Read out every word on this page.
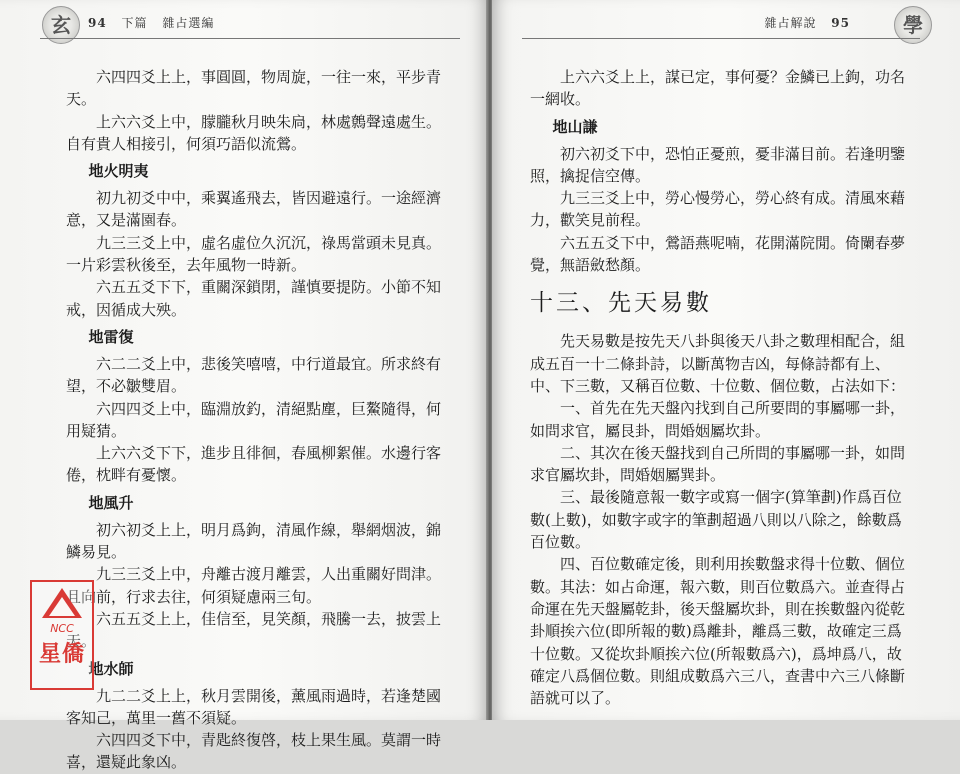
玄	94 下篇 雜占選編

六四四爻上上，事圓圓，物周旋，一往一來，平步青天。

上六六爻上中，朦朧秋月映朱扃，林處鷯聲遠處生。自有貴人相接引，何須巧語似流鶯。

地火明夷

初九初爻中中，乘翼遙飛去，皆因避遠行。一途經濟意，又是滿園春。

九三三爻上中，虛名虛位久沉沉，祿馬當頭未見真。一片彩雲秋後至，去年風物一時新。

六五五爻下下，重關深鎖閉，謹慎要提防。小節不知戒，因循成大殃。

地雷復

六二二爻上中，悲後笑嘻嘻，中行道最宜。所求終有望，不必皺雙眉。

六四四爻上中，臨淵放釣，清絕點塵，巨鰲隨得，何用疑猜。

上六六爻下下，進步且徘徊，春風柳絮催。水邊行客倦，枕畔有憂懷。

地風升

初六初爻上上，明月爲鉤，清風作線，舉網烟波，錦鱗易見。

九三三爻上中，舟離古渡月離雲，人出重關好問津。且向前，行求去往，何須疑慮兩三旬。

六五五爻上上，佳信至，見笑顏，飛騰一去，披雲上天。

地水師

九二二爻上上，秋月雲開後，薰風雨過時，若逢楚國客知己，萬里一舊不須疑。

六四四爻下中，青匙終復啓，枝上果生風。莫謂一時喜，還疑此象凶。

雜占解說 95	學

上六六爻上上，謀已定，事何憂？金鱗已上鉤，功名一網收。

地山謙

初六初爻下中，恐怕正憂煎，憂非滿目前。若逢明鑒照，擒捉信空傳。

九三三爻上中，勞心慢勞心，勞心終有成。清風來藉力，歡笑見前程。

六五五爻下中，鶯語燕呢喃，花開滿院閒。倚闌春夢覺，無語斂愁顏。

十三、先天易數

先天易數是按先天八卦與後天八卦之數理相配合，組成五百一十二條卦詩，以斷萬物吉凶，每條詩都有上、中、下三數，又稱百位數、十位數、個位數，占法如下：

一、首先在先天盤內找到自己所要問的事屬哪一卦，如問求官，屬艮卦，問婚姻屬坎卦。

二、其次在後天盤找到自己所問的事屬哪一卦，如問求官屬坎卦，問婚姻屬巽卦。

三、最後隨意報一數字或寫一個字(算筆劃)作爲百位數(上數)，如數字或字的筆劃超過八則以八除之，餘數爲百位數。

四、百位數確定後，則利用挨數盤求得十位數、個位數。其法：如占命運，報六數，則百位數爲六。並查得占命運在先天盤屬乾卦，後天盤屬坎卦，則在挨數盤內從乾卦順挨六位(即所報的數)爲離卦，離爲三數，故確定三爲十位數。又從坎卦順挨六位(所報數爲六)，爲坤爲八，故確定八爲個位數。則組成數爲六三八，查書中六三八條斷語就可以了。

NCC
星僑
